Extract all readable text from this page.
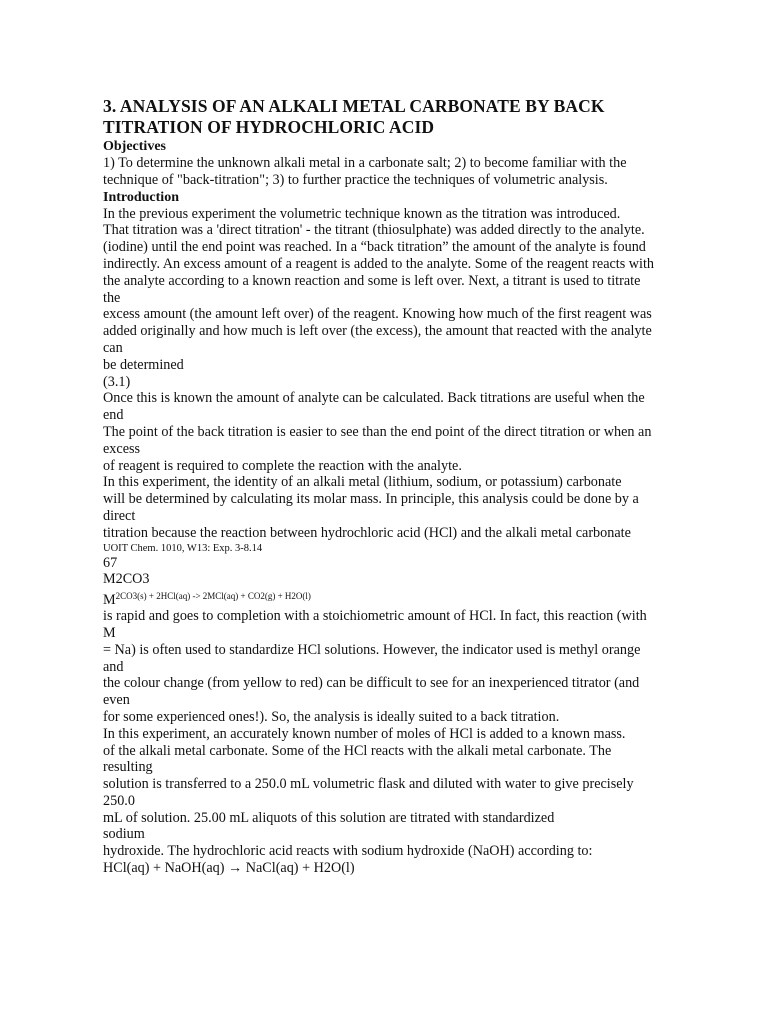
3. ANALYSIS OF AN ALKALI METAL CARBONATE BY BACK
TITRATION OF HYDROCHLORIC ACID
Objectives
1) To determine the unknown alkali metal in a carbonate salt; 2) to become familiar with the
technique of "back-titration"; 3) to further practice the techniques of volumetric analysis.
Introduction
In the previous experiment the volumetric technique known as the titration was introduced.
That titration was a 'direct titration' - the titrant (thiosulphate) was added directly to the analyte.
(iodine) until the end point was reached. In a “back titration” the amount of the analyte is found
indirectly. An excess amount of a reagent is added to the analyte. Some of the reagent reacts with
the analyte according to a known reaction and some is left over. Next, a titrant is used to titrate
the
excess amount (the amount left over) of the reagent. Knowing how much of the first reagent was
added originally and how much is left over (the excess), the amount that reacted with the analyte
can
be determined
(3.1)
Once this is known the amount of analyte can be calculated. Back titrations are useful when the
end
The point of the back titration is easier to see than the end point of the direct titration or when an
excess
of reagent is required to complete the reaction with the analyte.
In this experiment, the identity of an alkali metal (lithium, sodium, or potassium) carbonate
will be determined by calculating its molar mass. In principle, this analysis could be done by a
direct
titration because the reaction between hydrochloric acid (HCl) and the alkali metal carbonate
UOIT Chem. 1010, W13: Exp. 3-8.14
67
M2CO3
$M^{2CO3(s) + 2HCl(aq) -> 2MCl(aq) + CO2(g) + H2O(l)}$
is rapid and goes to completion with a stoichiometric amount of HCl. In fact, this reaction (with
M
= Na) is often used to standardize HCl solutions. However, the indicator used is methyl orange
and
the colour change (from yellow to red) can be difficult to see for an inexperienced titrator (and
even
for some experienced ones!). So, the analysis is ideally suited to a back titration.
In this experiment, an accurately known number of moles of HCl is added to a known mass.
of the alkali metal carbonate. Some of the HCl reacts with the alkali metal carbonate. The
resulting
solution is transferred to a 250.0 mL volumetric flask and diluted with water to give precisely
250.0
mL of solution. 25.00 mL aliquots of this solution are titrated with standardized
sodium
hydroxide. The hydrochloric acid reacts with sodium hydroxide (NaOH) according to:
HCl(aq) + NaOH(aq) → NaCl(aq) + H2O(l)
